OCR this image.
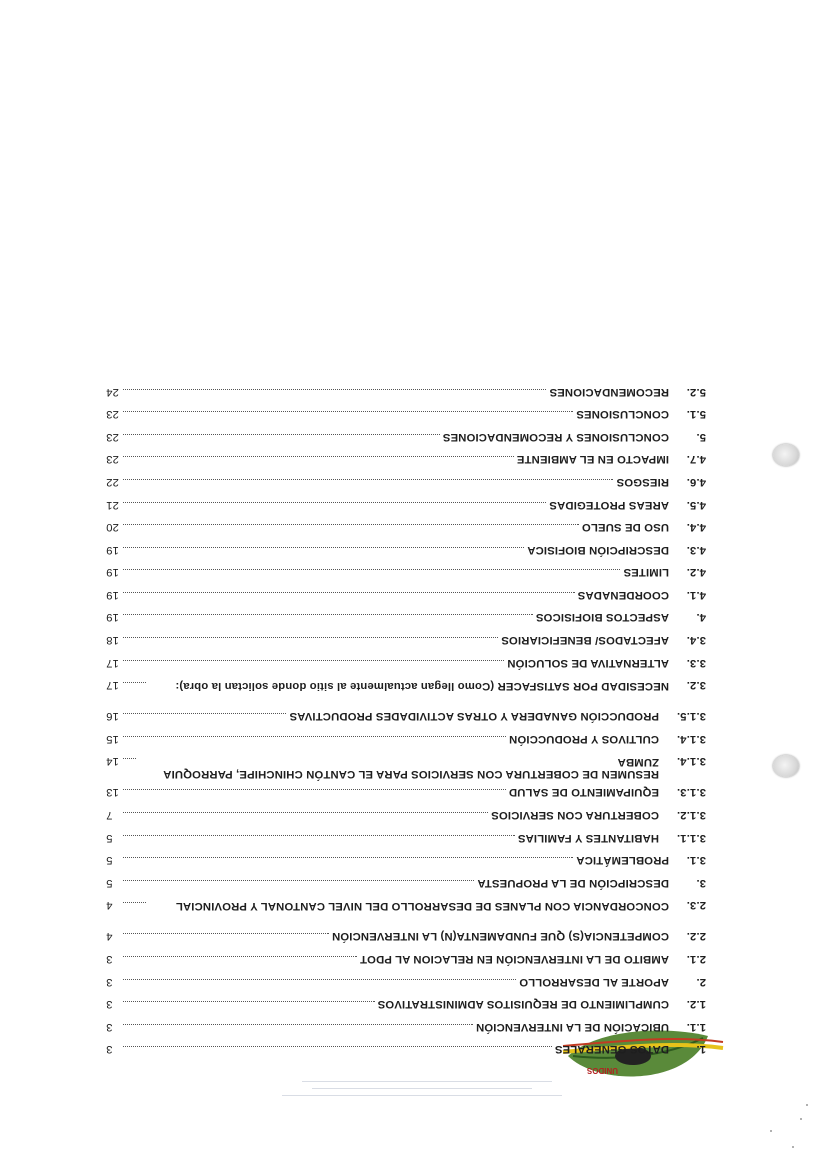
UNIDOS
1.
DATOS GENERALES
3
1.1.
UBICACIÓN DE LA INTERVENCIÓN
3
1.2.
CUMPLIMIENTO DE REQUISITOS ADMINISTRATIVOS
3
2.
APORTE AL DESARROLLO
3
2.1.
AMBITO DE LA INTERVENCIÓN EN RELACION AL PDOT
3
2.2.
COMPETENCIA(S) QUE FUNDAMENTA(N) LA INTERVENCIÓN
4
2.3.
CONCORDANCIA CON PLANES DE DESARROLLO DEL NIVEL CANTONAL Y PROVINCIAL
4
3.
DESCRIPCIÓN DE LA PROPUESTA
5
3.1.
PROBLEMÁTICA
5
3.1.1.
HABITANTES Y FAMILIAS
5
3.1.2.
COBERTURA CON SERVICIOS
7
3.1.3.
EQUIPAMIENTO DE SALUD
13
3.1.4.
RESUMEN DE COBERTURA CON SERVICIOS PARA EL CANTÓN CHINCHIPE, PARROQUIA ZUMBA
14
3.1.4.
CULTIVOS Y PRODUCCIÓN
15
3.1.5.
PRODUCCIÓN GANADERA Y OTRAS ACTIVIDADES PRODUCTIVAS
16
3.2.
NECESIDAD POR SATISFACER (Como llegan actualmente al sitio donde solictan la obra):
17
3.3.
ALTERNATIVA DE SOLUCIÓN
17
3.4.
AFECTADOS/ BENEFICIARIOS
18
4.
ASPECTOS BIOFISICOS
19
4.1.
COORDENADAS
19
4.2.
LIMITES
19
4.3.
DESCRIPCIÓN BIOFISICA
19
4.4.
USO DE SUELO
20
4.5.
AREAS PROTEGIDAS
21
4.6.
RIESGOS
22
4.7.
IMPACTO EN EL AMBIENTE
23
5.
CONCLUSIONES Y RECOMENDACIONES
23
5.1.
CONCLUSIONES
23
5.2.
RECOMENDACIONES
24
